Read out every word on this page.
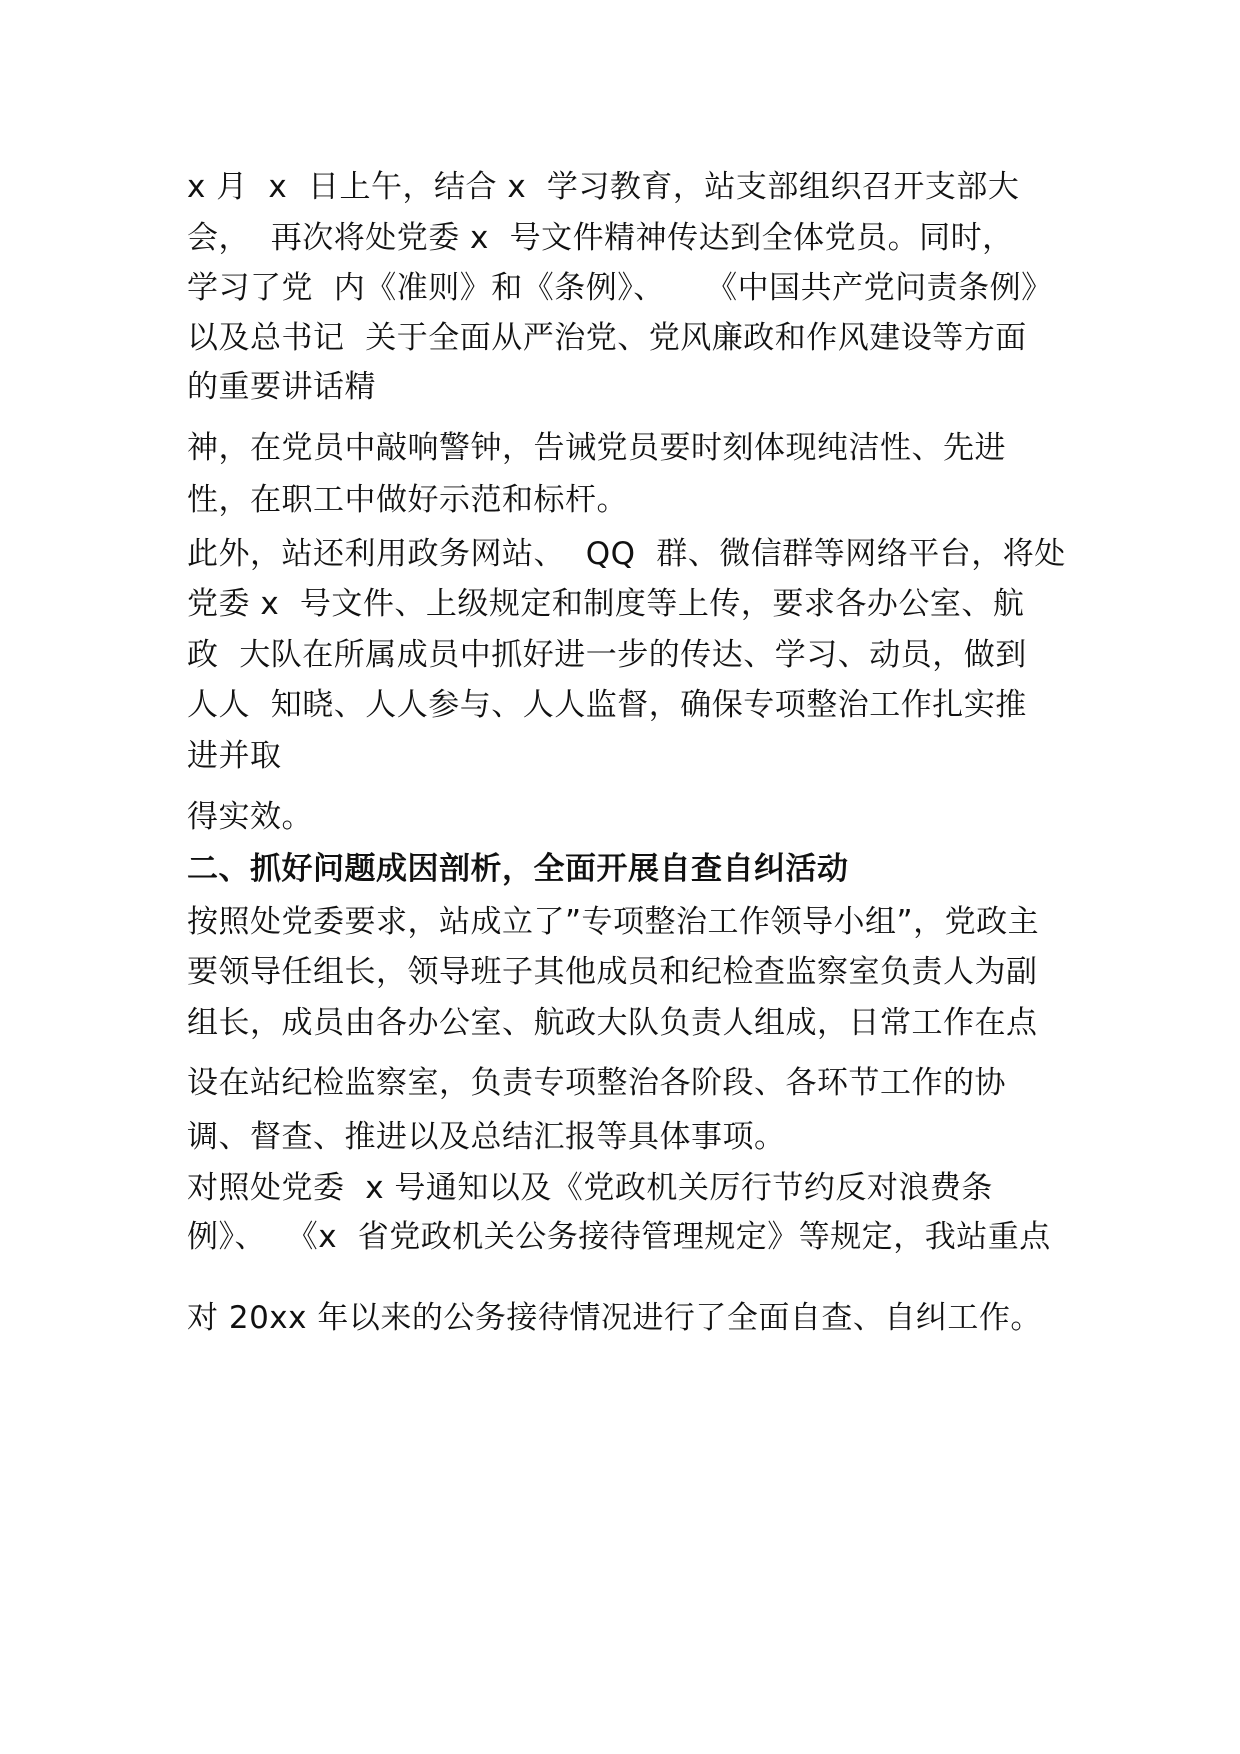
x 月  x  日上午，结合 x  学习教育，站支部组织召开支部大

会，  再次将处党委 x  号文件精神传达到全体党员。同时，

学习了党  内《准则》和《条例》、    《中国共产党问责条例》

以及总书记  关于全面从严治党、党风廉政和作风建设等方面

的重要讲话精

神，在党员中敲响警钟，告诫党员要时刻体现纯洁性、先进

性，在职工中做好示范和标杆。

此外，站还利用政务网站、  QQ  群、微信群等网络平台，将处

党委 x  号文件、上级规定和制度等上传，要求各办公室、航

政  大队在所属成员中抓好进一步的传达、学习、动员，做到

人人  知晓、人人参与、人人监督，确保专项整治工作扎实推

进并取

得实效。

二、抓好问题成因剖析，全面开展自查自纠活动

按照处党委要求，站成立了”专项整治工作领导小组”，党政主

要领导任组长，领导班子其他成员和纪检查监察室负责人为副

组长，成员由各办公室、航政大队负责人组成，日常工作在点

设在站纪检监察室，负责专项整治各阶段、各环节工作的协

调、督查、推进以及总结汇报等具体事项。

对照处党委  x 号通知以及《党政机关厉行节约反对浪费条

例》、  《x  省党政机关公务接待管理规定》等规定，我站重点

对 20xx 年以来的公务接待情况进行了全面自查、自纠工作。
